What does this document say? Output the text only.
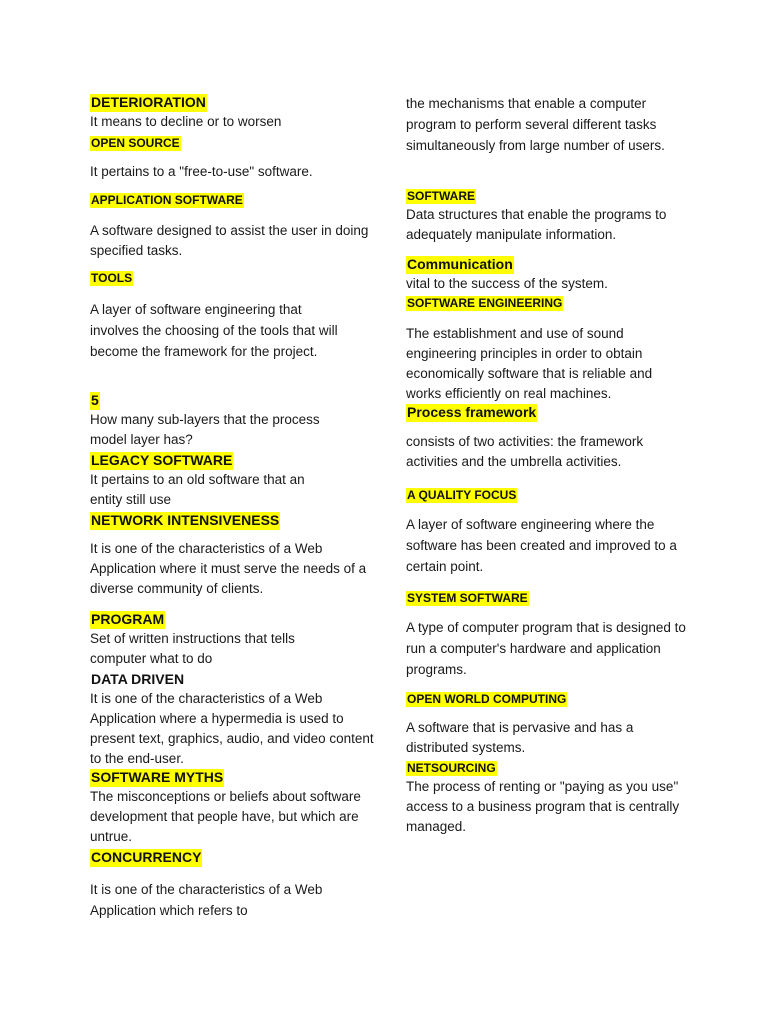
DETERIORATION

It means to decline or to worsen

OPEN SOURCE

It pertains to a "free-to-use" software.

APPLICATION SOFTWARE

A software designed to assist the user in doing specified tasks.

TOOLS

A layer of software engineering that involves the choosing of the tools that will become the framework for the project.

5

How many sub-layers that the process model layer has?

LEGACY SOFTWARE

It pertains to an old software that an entity still use

NETWORK INTENSIVENESS

It is one of the characteristics of a Web Application where it must serve the needs of a diverse community of clients.

PROGRAM

Set of written instructions that tells computer what to do

DATA DRIVEN

It is one of the characteristics of a Web Application where a hypermedia is used to present text, graphics, audio, and video content to the end-user.

SOFTWARE MYTHS

The misconceptions or beliefs about software development that people have, but which are untrue.

CONCURRENCY

It is one of the characteristics of a Web Application which refers to

the mechanisms that enable a computer program to perform several different tasks simultaneously from large number of users.

SOFTWARE

Data structures that enable the programs to adequately manipulate information.

Communication

vital to the success of the system.

SOFTWARE ENGINEERING

The establishment and use of sound engineering principles in order to obtain economically software that is reliable and works efficiently on real machines.

Process framework

consists of two activities: the framework activities and the umbrella activities.

A QUALITY FOCUS

A layer of software engineering where the software has been created and improved to a certain point.

SYSTEM SOFTWARE

A type of computer program that is designed to run a computer's hardware and application programs.

OPEN WORLD COMPUTING

A software that is pervasive and has a distributed systems.

NETSOURCING

The process of renting or "paying as you use" access to a business program that is centrally managed.
